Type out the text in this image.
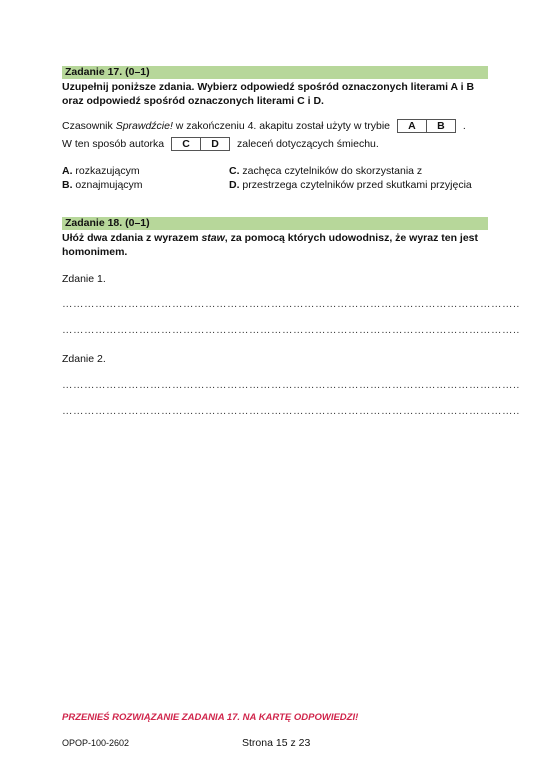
Zadanie 17. (0–1)
Uzupełnij poniższe zdania. Wybierz odpowiedź spośród oznaczonych literami A i B
oraz odpowiedź spośród oznaczonych literami C i D.
Czasownik Sprawdźcie! w zakończeniu 4. akapitu został użyty w trybie A B .
W ten sposób autorka C D zaleceń dotyczących śmiechu.
A. rozkazującym
B. oznajmującym
C. zachęca czytelników do skorzystania z
D. przestrzega czytelników przed skutkami przyjęcia
Zadanie 18. (0–1)
Ułóż dwa zdania z wyrazem staw, za pomocą których udowodnisz, że wyraz ten jest
homonimem.
Zdanie 1.
……………………………………………………………………………………………………………..
……………………………………………………………………………………………………………..
Zdanie 2.
……………………………………………………………………………………………………………..
……………………………………………………………………………………………………………..
PRZENIEŚ ROZWIĄZANIE ZADANIA 17. NA KARTĘ ODPOWIEDZI!
OPOP-100-2602	Strona 15 z 23
